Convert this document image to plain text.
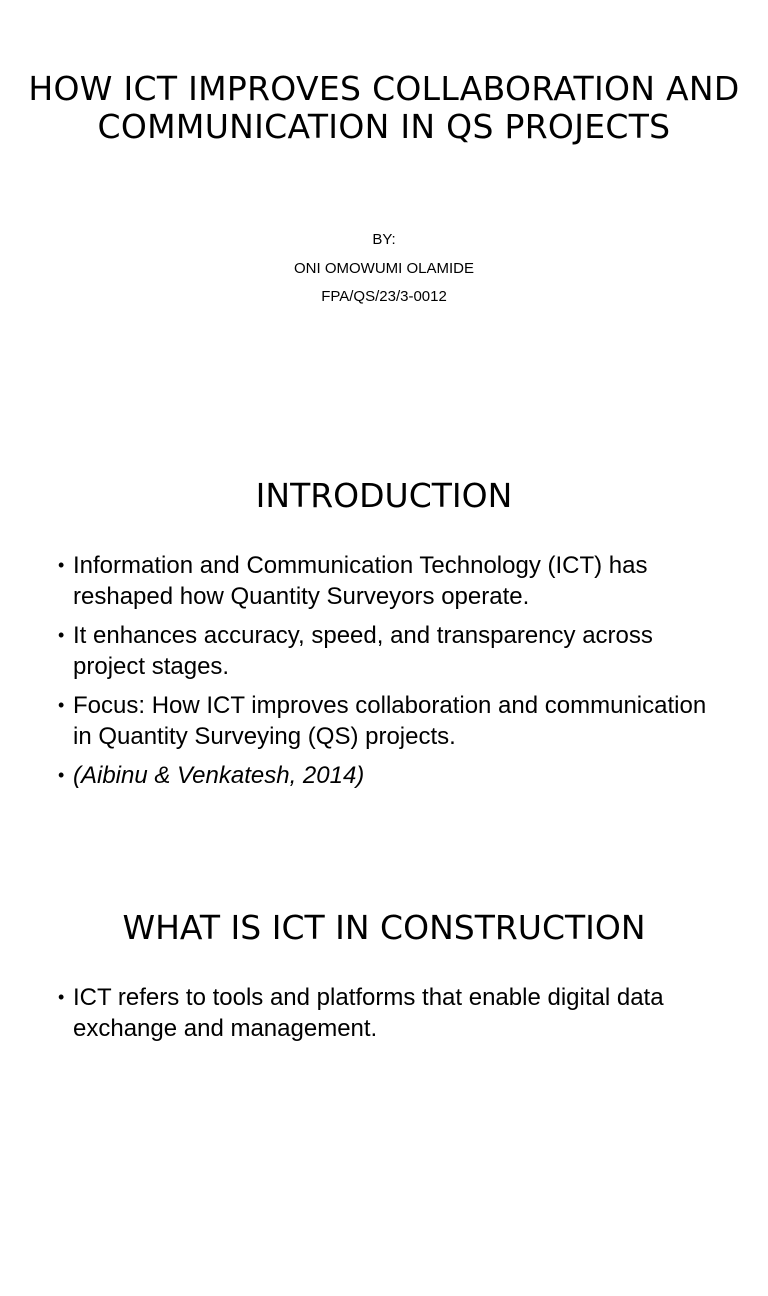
HOW ICT IMPROVES COLLABORATION AND COMMUNICATION IN QS PROJECTS
BY:
ONI OMOWUMI OLAMIDE
FPA/QS/23/3-0012
INTRODUCTION
• Information and Communication Technology (ICT) has reshaped how Quantity Surveyors operate.
• It enhances accuracy, speed, and transparency across project stages.
• Focus: How ICT improves collaboration and communication in Quantity Surveying (QS) projects.
• (Aibinu & Venkatesh, 2014)
WHAT IS ICT IN CONSTRUCTION
• ICT refers to tools and platforms that enable digital data exchange and management.
